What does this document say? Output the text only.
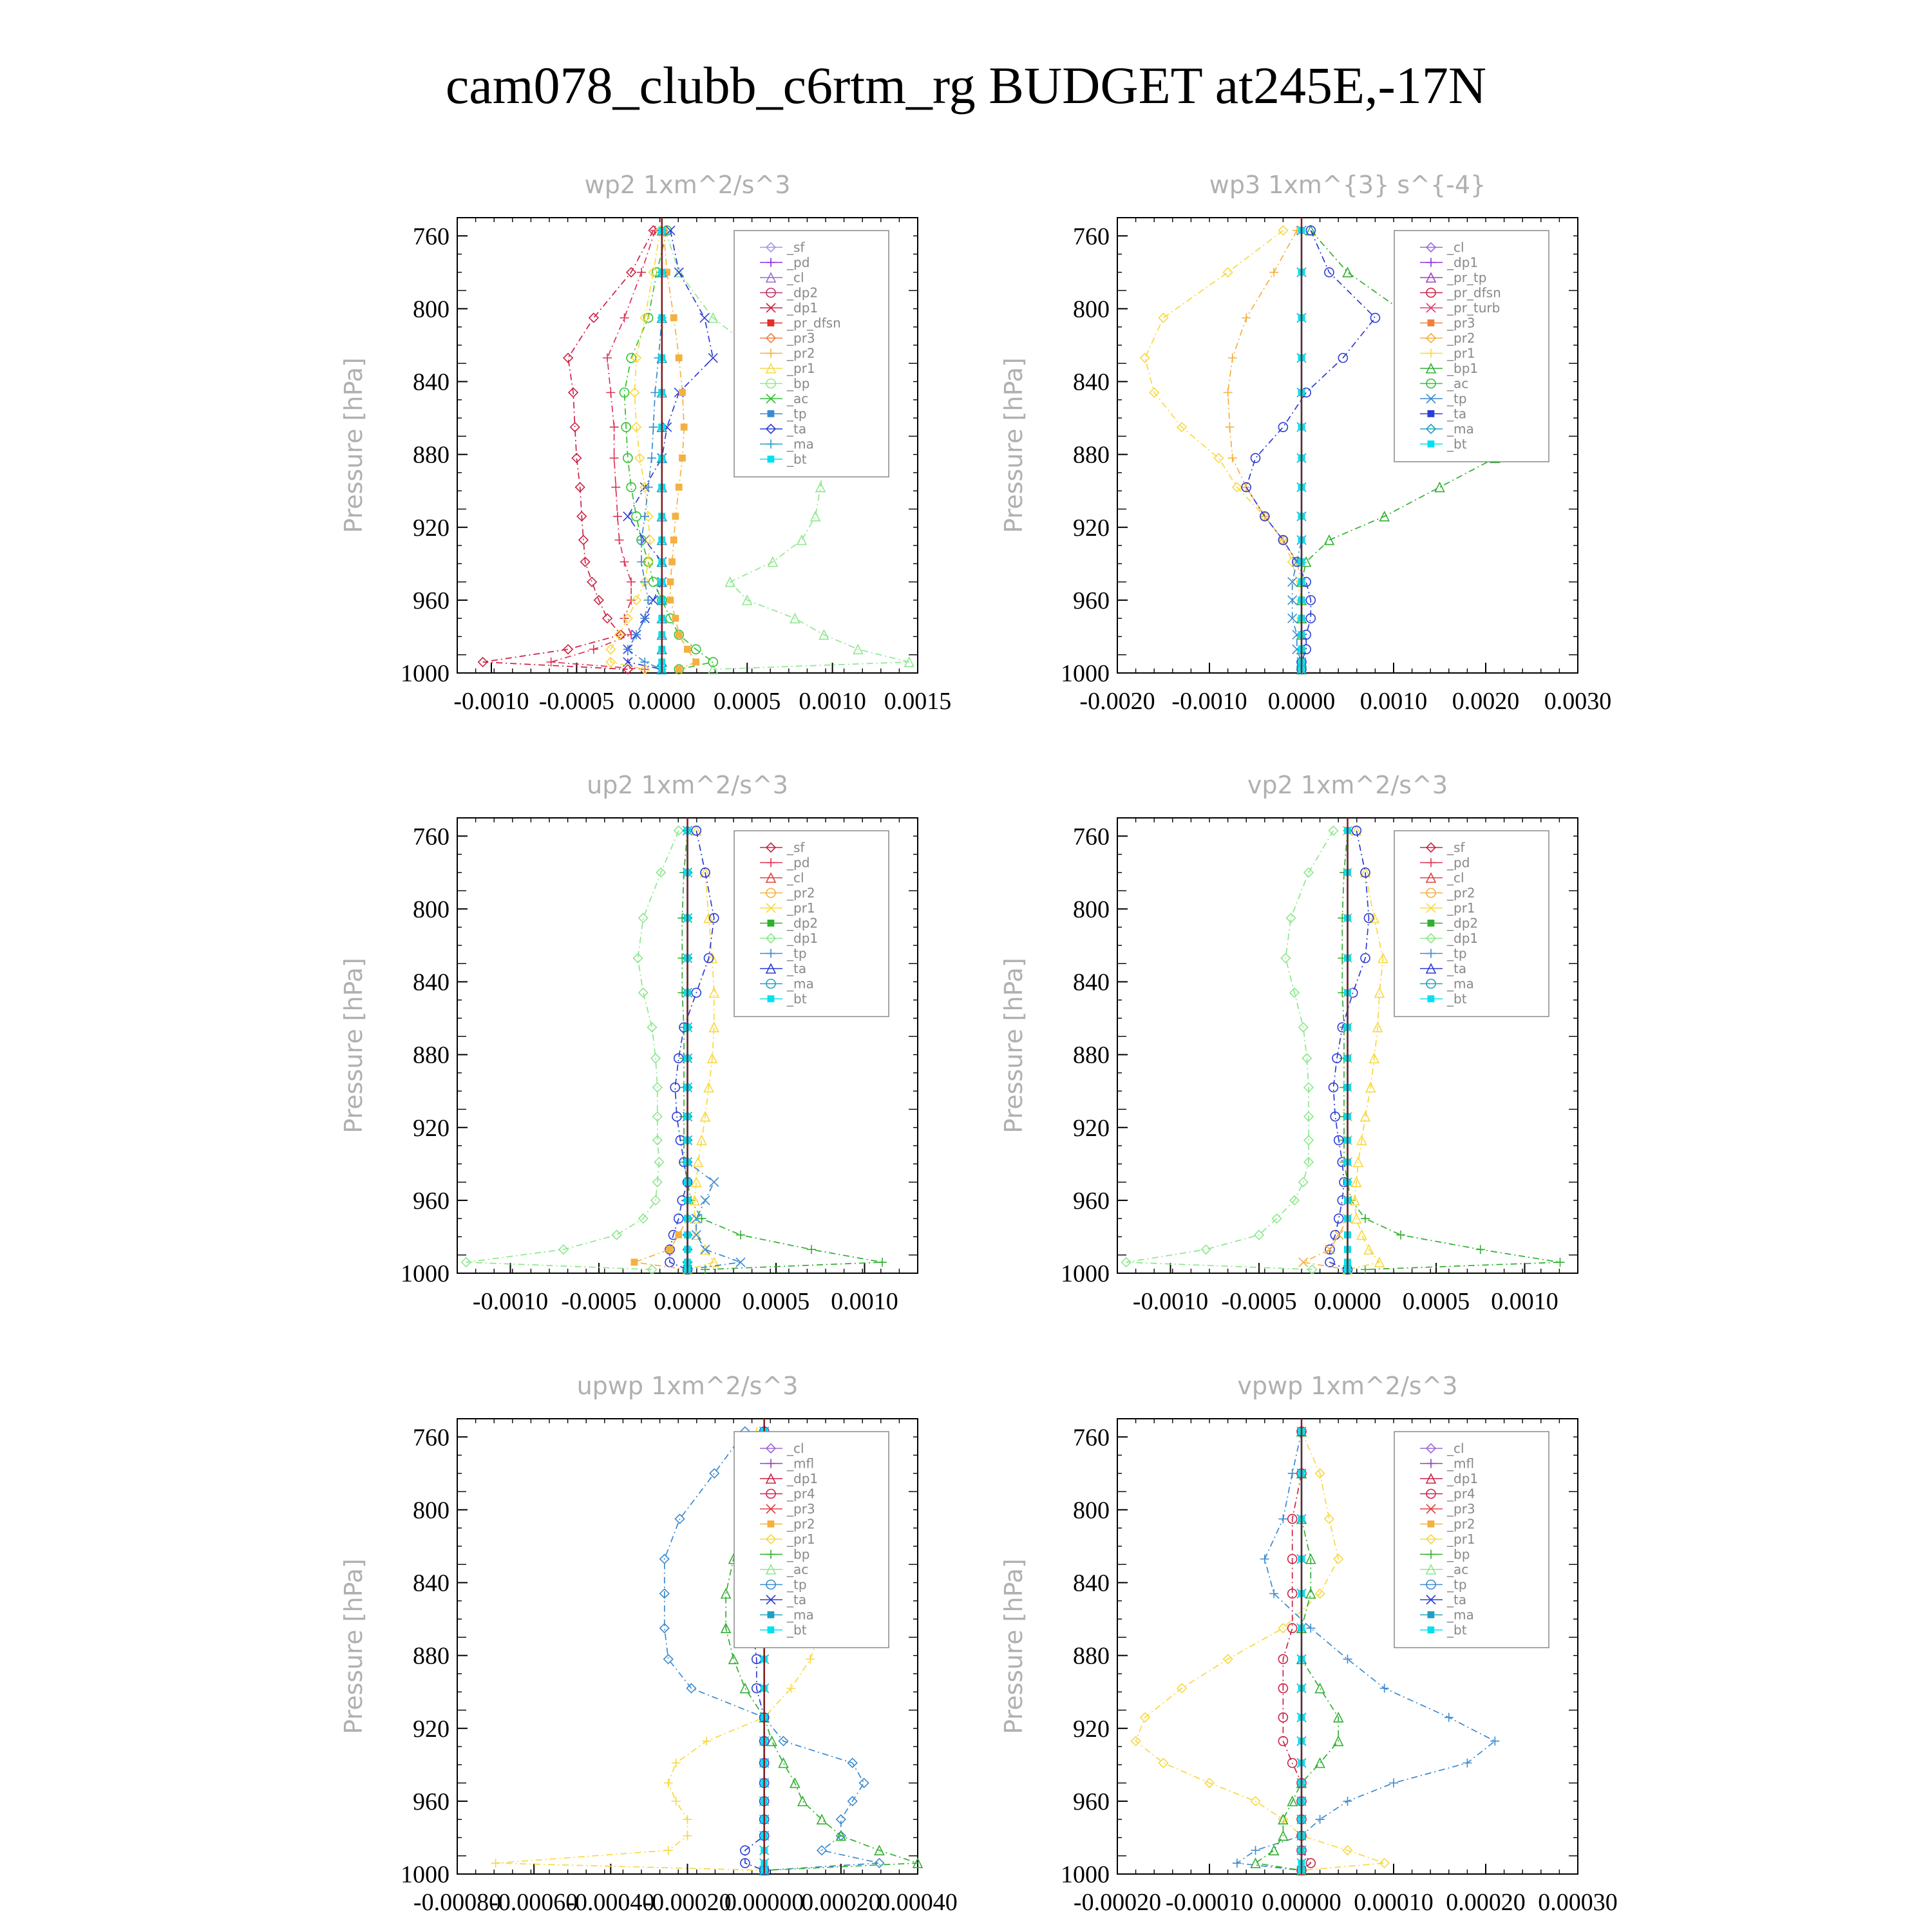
cam078_clubb_c6rtm_rg BUDGET at245E,-17N
wp2 1xm^2/s^3
Pressure [hPa]
760
800
840
880
920
960
1000
-0.0010 -0.0005 0.0000 0.0005 0.0010 0.0015
_sf
_pd
_cl
_dp2
_dp1
_pr_dfsn
_pr3
_pr2
_pr1
_bp
_ac
_tp
_ta
_ma
_bt
wp3 1xm^{3} s^{-4}
Pressure [hPa]
760
800
840
880
920
960
1000
-0.0020 -0.0010 0.0000 0.0010 0.0020 0.0030
_cl
_dp1
_pr_tp
_pr_dfsn
_pr_turb
_pr3
_pr2
_pr1
_bp1
_ac
_tp
_ta
_ma
_bt
up2 1xm^2/s^3
Pressure [hPa]
760
800
840
880
920
960
1000
-0.0010 -0.0005 0.0000 0.0005 0.0010
_sf
_pd
_cl
_pr2
_pr1
_dp2
_dp1
_tp
_ta
_ma
_bt
vp2 1xm^2/s^3
Pressure [hPa]
760
800
840
880
920
960
1000
-0.0010 -0.0005 0.0000 0.0005 0.0010
_sf
_pd
_cl
_pr2
_pr1
_dp2
_dp1
_tp
_ta
_ma
_bt
upwp 1xm^2/s^3
Pressure [hPa]
760
800
840
880
920
960
1000
-0.00080
-0.00060
-0.00040
-0.00020
0.00000
0.00020
0.00040
_cl
_mfl
_dp1
_pr4
_pr3
_pr2
_pr1
_bp
_ac
_tp
_ta
_ma
_bt
vpwp 1xm^2/s^3
Pressure [hPa]
760
800
840
880
920
960
1000
-0.00020 -0.00010 0.00000 0.00010 0.00020 0.00030
_cl
_mfl
_dp1
_pr4
_pr3
_pr2
_pr1
_bp
_ac
_tp
_ta
_ma
_bt
